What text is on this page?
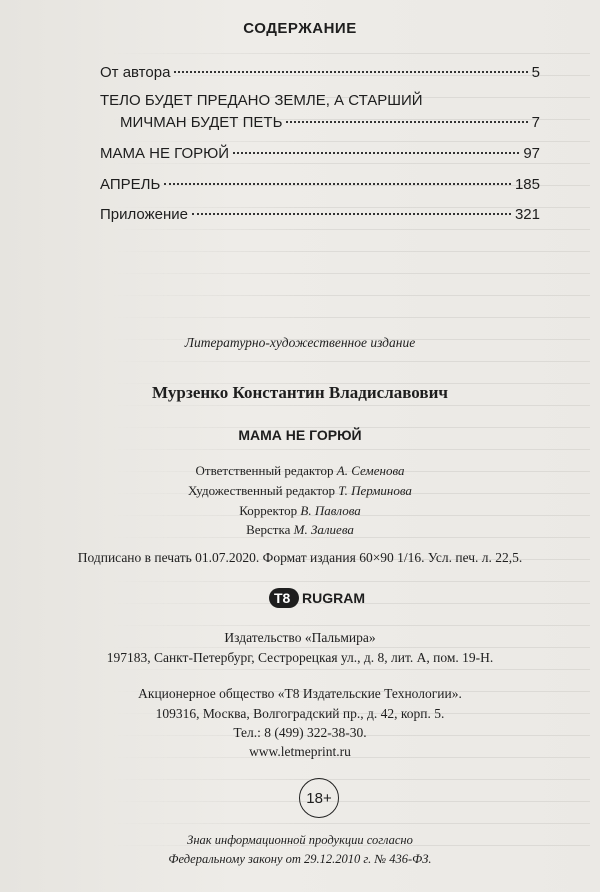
СОДЕРЖАНИЕ
От автора	5
ТЕЛО БУДЕТ ПРЕДАНО ЗЕМЛЕ, А СТАРШИЙ
МИЧМАН БУДЕТ ПЕТЬ	7
МАМА НЕ ГОРЮЙ	97
АПРЕЛЬ	185
Приложение	321
Литературно-художественное издание
Мурзенко Константин Владиславович
МАМА НЕ ГОРЮЙ
Ответственный редактор А. Семенова
Художественный редактор Т. Перминова
Корректор В. Павлова
Верстка М. Залиева
Подписано в печать 01.07.2020. Формат издания 60×90 1/16. Усл. печ. л. 22,5.
T8 RUGRAM
Издательство «Пальмира»
197183, Санкт-Петербург, Сестрорецкая ул., д. 8, лит. А, пом. 19-Н.
Акционерное общество «Т8 Издательские Технологии».
109316, Москва, Волгоградский пр., д. 42, корп. 5.
Тел.: 8 (499) 322-38-30.
www.letmeprint.ru
18+
Знак информационной продукции согласно
Федеральному закону от 29.12.2010 г. № 436-ФЗ.
